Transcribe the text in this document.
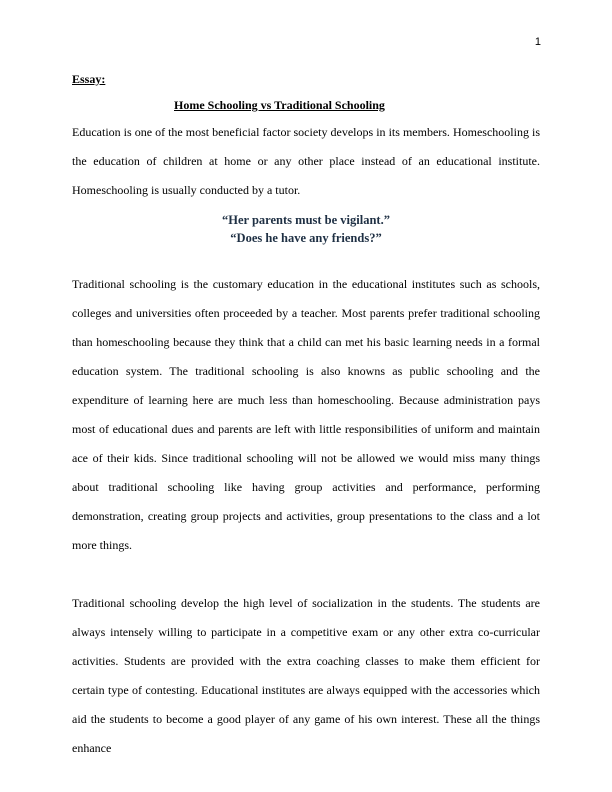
1

Essay:

Home Schooling vs Traditional Schooling

Education is one of the most beneficial factor society develops in its members. Homeschooling is the education of children at home or any other place instead of an educational institute. Homeschooling is usually conducted by a tutor.

“Her parents must be vigilant.”
“Does he have any friends?”

Traditional schooling is the customary education in the educational institutes such as schools, colleges and universities often proceeded by a teacher. Most parents prefer traditional schooling than homeschooling because they think that a child can met his basic learning needs in a formal education system. The traditional schooling is also knowns as public schooling and the expenditure of learning here are much less than homeschooling. Because administration pays most of educational dues and parents are left with little responsibilities of uniform and maintain ace of their kids. Since traditional schooling will not be allowed we would miss many things about traditional schooling like having group activities and performance, performing demonstration, creating group projects and activities, group presentations to the class and a lot more things.

Traditional schooling develop the high level of socialization in the students. The students are always intensely willing to participate in a competitive exam or any other extra co-curricular activities. Students are provided with the extra coaching classes to make them efficient for certain type of contesting. Educational institutes are always equipped with the accessories which aid the students to become a good player of any game of his own interest. These all the things enhance
